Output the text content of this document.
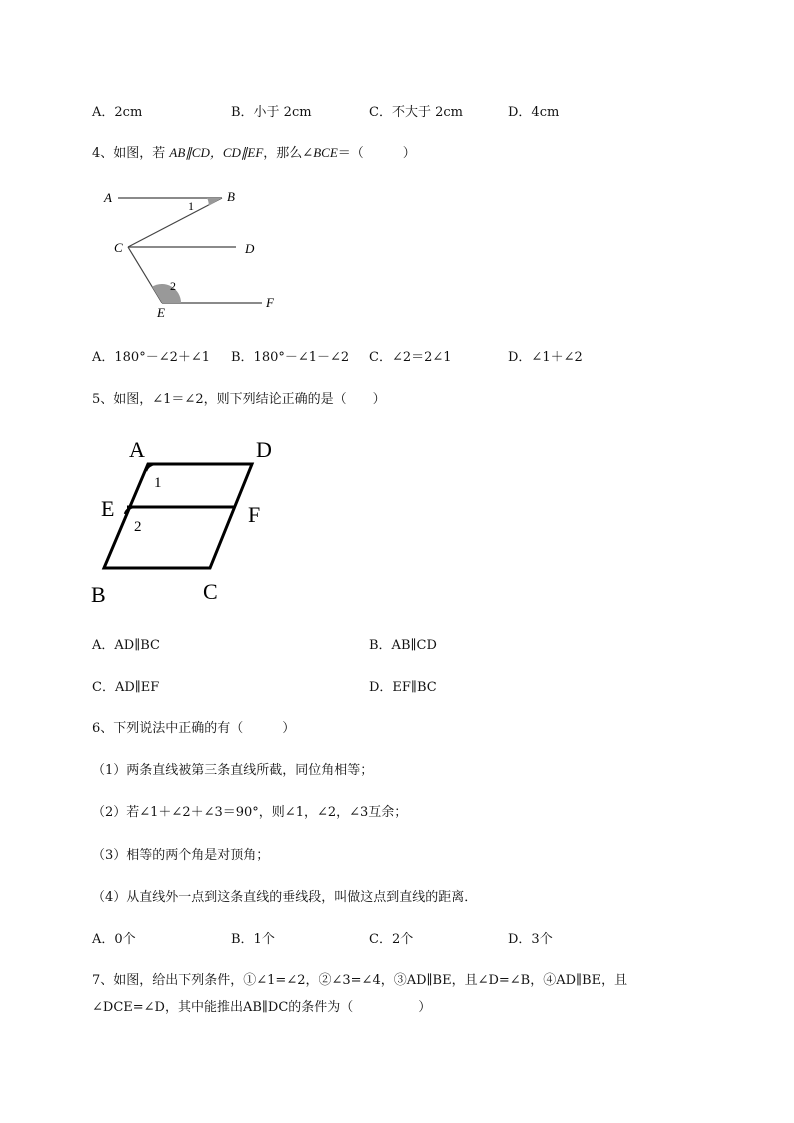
A．2cm	B．小于 2cm	C．不大于 2cm	D．4cm
4、如图，若 AB∥CD，CD∥EF，那么∠BCE＝（　　　）
A	B
C	D
E
F
1
2
A．180°－∠2＋∠1 B．180°－∠1－∠2 C．∠2＝2∠1	D．∠1＋∠2
5、如图，∠1＝∠2，则下列结论正确的是（　　）
A	D
E	F
B	C
1
2
A．AD∥BC	B．AB∥CD
C．AD∥EF	D．EF∥BC
6、下列说法中正确的有（　　　）
（1）两条直线被第三条直线所截，同位角相等；
（2）若∠1＋∠2＋∠3＝90°，则∠1，∠2，∠3互余；
（3）相等的两个角是对顶角；
（4）从直线外一点到这条直线的垂线段，叫做这点到直线的距离．
A．0个	B．1个	C．2个	D．3个
7、如图，给出下列条件，①∠1=∠2，②∠3=∠4，③AD∥BE，且∠D=∠B，④AD∥BE，且
∠DCE=∠D，其中能推出AB∥DC的条件为（　　　　　）
